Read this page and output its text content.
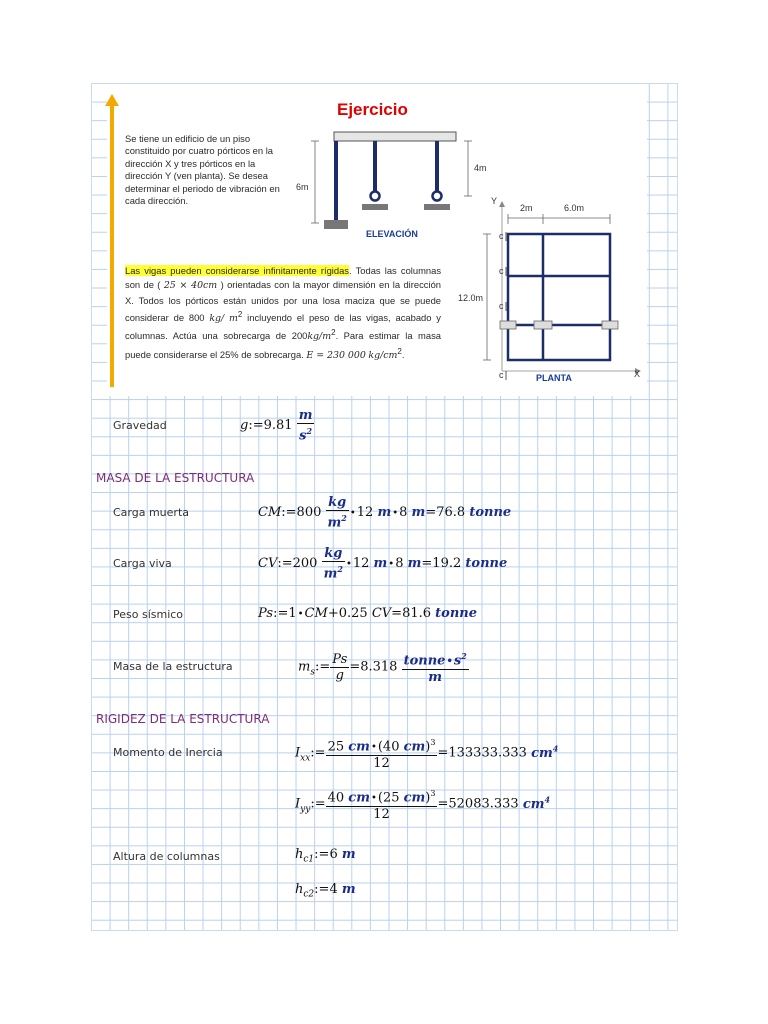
Ejercicio
Se tiene un edificio de un piso constituido por cuatro pórticos en la dirección X y tres pórticos en la dirección Y (ven planta). Se desea determinar el periodo de vibración en cada dirección.
Las vigas pueden considerarse infinitamente rígidas. Todas las columnas son de ( 25 × 40cm ) orientadas con la mayor dimensión en la dirección X. Todos los pórticos están unidos por una losa maciza que se puede considerar de 800 kg/ $m^2$ incluyendo el peso de las vigas, acabado y columnas. Actúa una sobrecarga de $200kg/m^2$. Para estimar la masa puede considerarse el 25% de sobrecarga. E = 230 000 $kg/cm^2$.
6m
4m
ELEVACIÓN
Y
X
2m	6.0m
12.0m
c
c
c
c	PLANTA
Gravedad	g:=9.81 $\frac{m}{s^2}$
MASA DE LA ESTRUCTURA
Carga muerta	CM:=800 $\frac{kg}{m^2}$ •12 m•8 m=76.8 tonne
Carga viva	CV:=200 $\frac{kg}{m^2}$ •12 m•8 m=19.2 tonne
Peso sísmico	Ps:=1•CM+0.25 CV=81.6 tonne
Masa de la estructura	$m_s:= \frac{Ps}{g} =8.318 \frac{tonne•s^2}{m}$
RIGIDEZ DE LA ESTRUCTURA
Momento de Inercia	$I_{xx}:= \frac{25 cm•(40 cm)^3}{12} =133333.333$ $cm^4$
$I_{yy}:= \frac{40 cm•(25 cm)^3}{12} =52083.333$ $cm^4$
Altura de columnas	$h_{c1}:=6$ m
$h_{c2}:=4$ m
